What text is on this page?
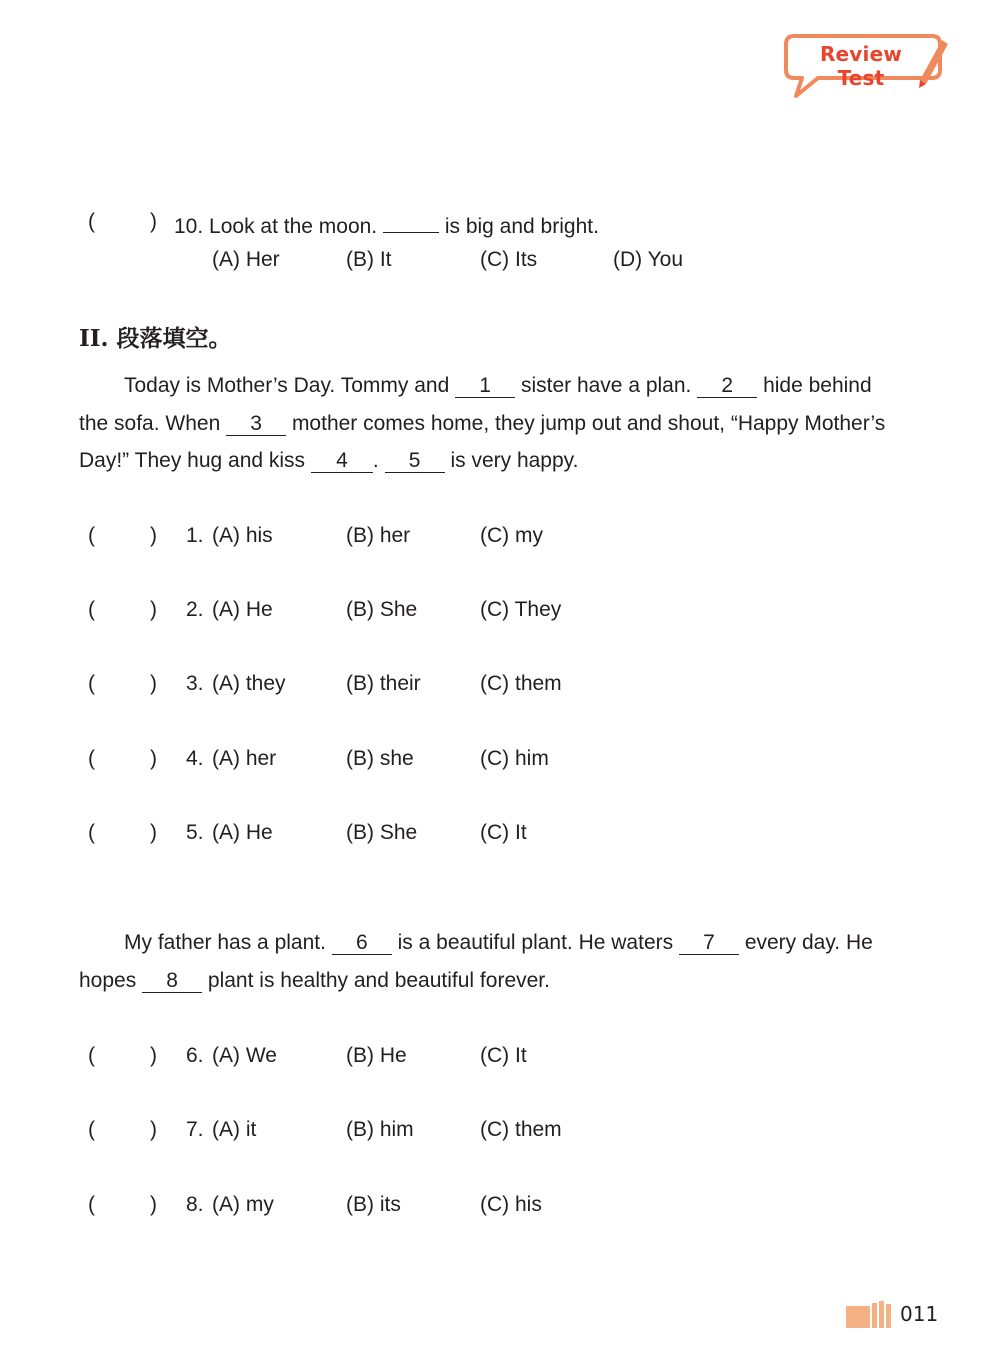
Review Test
(	) 10. Look at the moon.	is big and bright.
(A) Her	(B) It	(C) Its	(D) You
II. 段落填空。

Today is Mother’s Day. Tommy and 1 sister have a plan. 2 hide behind

the sofa. When 3 mother comes home, they jump out and shout, “Happy Mother’s

Day!” They hug and kiss 4 . 5 is very happy.

(	) 1. (A) his	(B) her	(C) my
(	) 2. (A) He	(B) She	(C) They
(	) 3. (A) they	(B) their	(C) them
(	) 4. (A) her	(B) she	(C) him
(	) 5. (A) He	(B) She	(C) It

My father has a plant. 6 is a beautiful plant. He waters 7 every day. He

hopes 8 plant is healthy and beautiful forever.

(	) 6. (A) We	(B) He	(C) It
(	) 7. (A) it	(B) him	(C) them
(	) 8. (A) my	(B) its	(C) his
011
